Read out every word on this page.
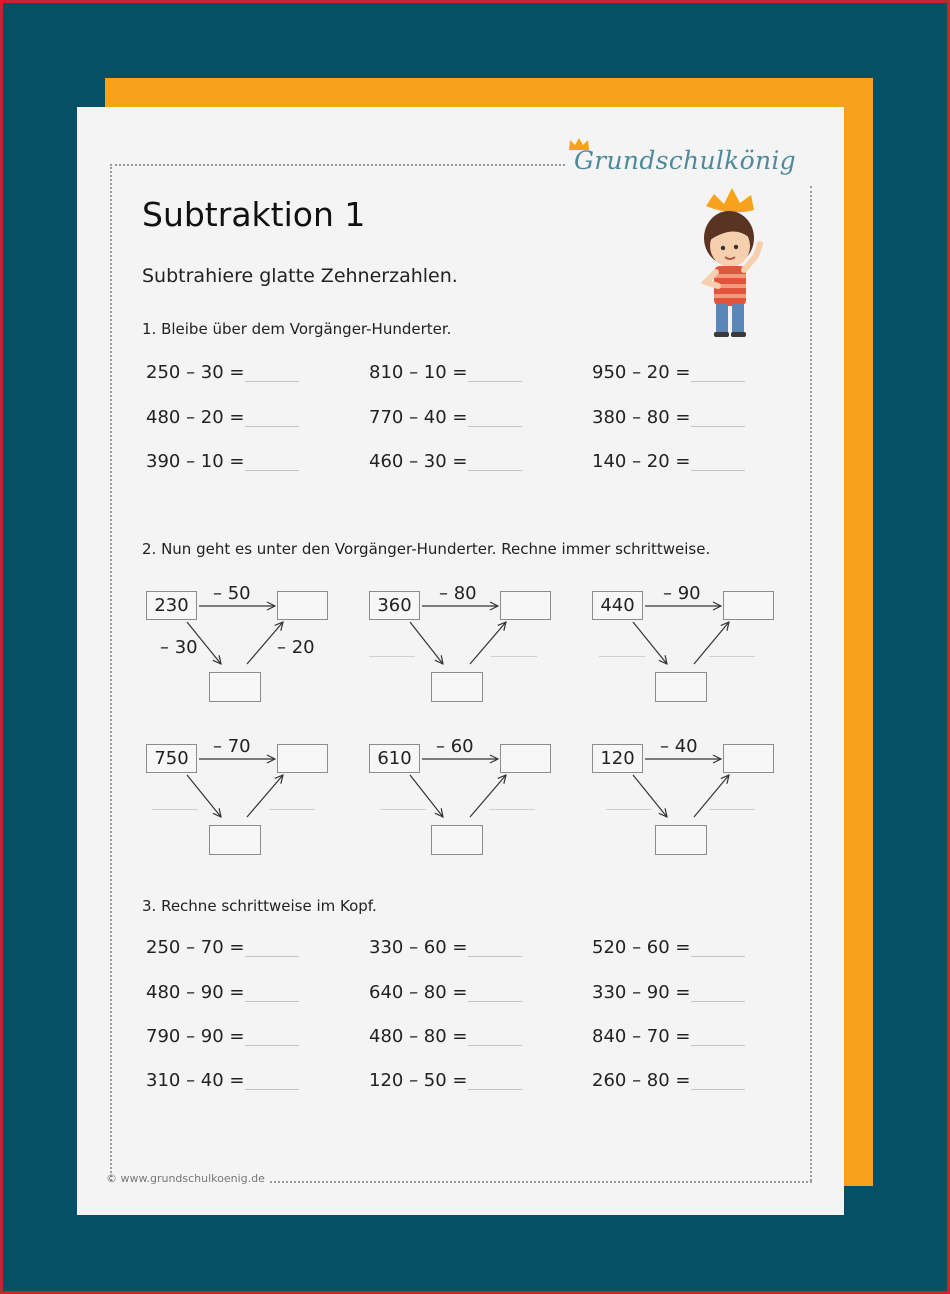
Grundschulkönig
Subtraktion 1
Subtrahiere glatte Zehnerzahlen.
1. Bleibe über dem Vorgänger-Hunderter.
250 – 30 =	810 – 10 =	950 – 20 =
480 – 20 =	770 – 40 =	380 – 80 =
390 – 10 =	460 – 30 =	140 – 20 =
2. Nun geht es unter den Vorgänger-Hunderter. Rechne immer schrittweise.
230
– 50
– 30	– 20
360
– 80
440
– 90
750
– 70
610
– 60
120
– 40
3. Rechne schrittweise im Kopf.
250 – 70 =	330 – 60 =	520 – 60 =
480 – 90 =	640 – 80 =	330 – 90 =
790 – 90 =	480 – 80 =	840 – 70 =
310 – 40 =	120 – 50 =	260 – 80 =
© www.grundschulkoenig.de
